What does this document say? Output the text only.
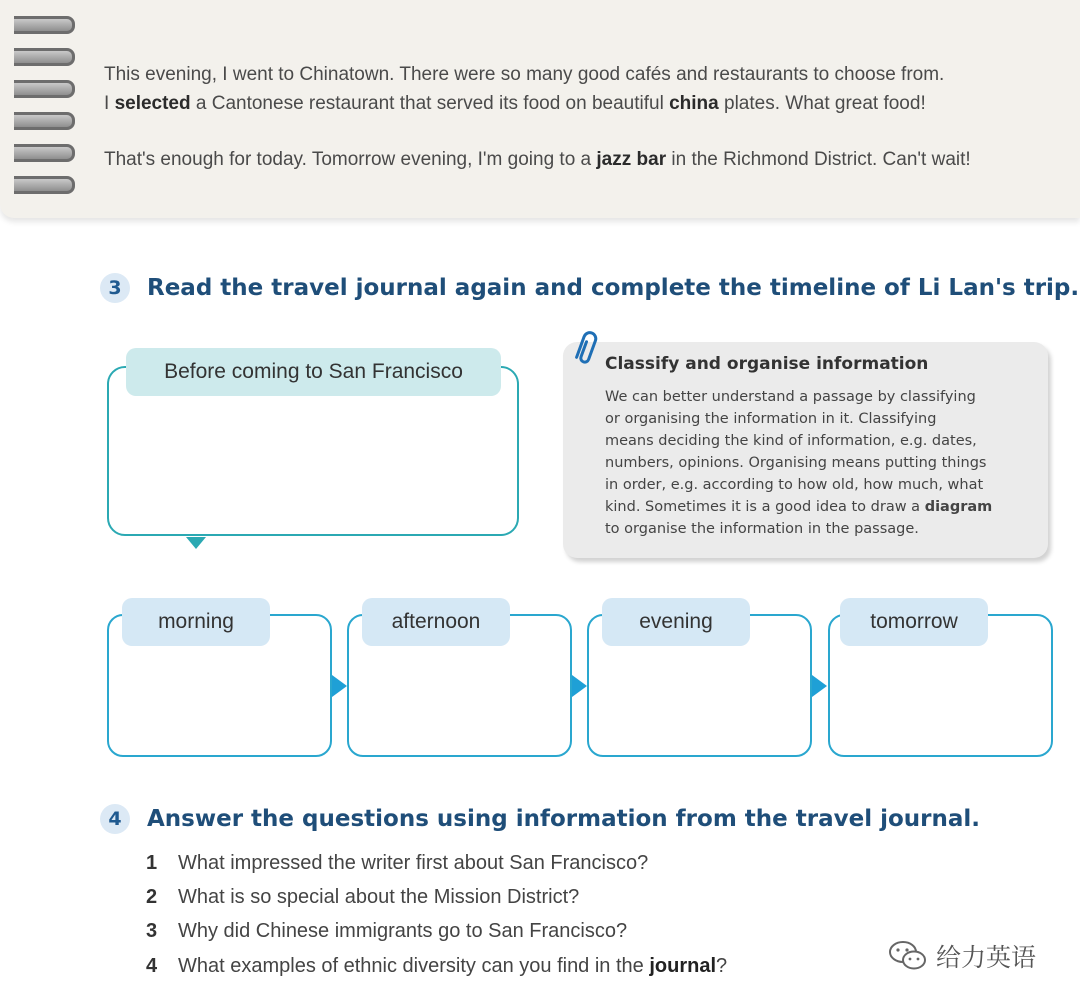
This evening, I went to Chinatown. There were so many good cafés and restaurants to choose from.
I selected a Cantonese restaurant that served its food on beautiful china plates. What great food!
That's enough for today. Tomorrow evening, I'm going to a jazz bar in the Richmond District. Can't wait!
3	Read the travel journal again and complete the timeline of Li Lan's trip.
Before coming to San Francisco	Classify and organise information
We can better understand a passage by classifying
or organising the information in it. Classifying
means deciding the kind of information, e.g. dates,
numbers, opinions. Organising means putting things
in order, e.g. according to how old, how much, what
kind. Sometimes it is a good idea to draw a diagram
to organise the information in the passage.
morning	afternoon	evening	tomorrow
4	Answer the questions using information from the travel journal.
1	What impressed the writer first about San Francisco?
2	What is so special about the Mission District?
3	Why did Chinese immigrants go to San Francisco?
4	What examples of ethnic diversity can you find in the journal?	给力英语
